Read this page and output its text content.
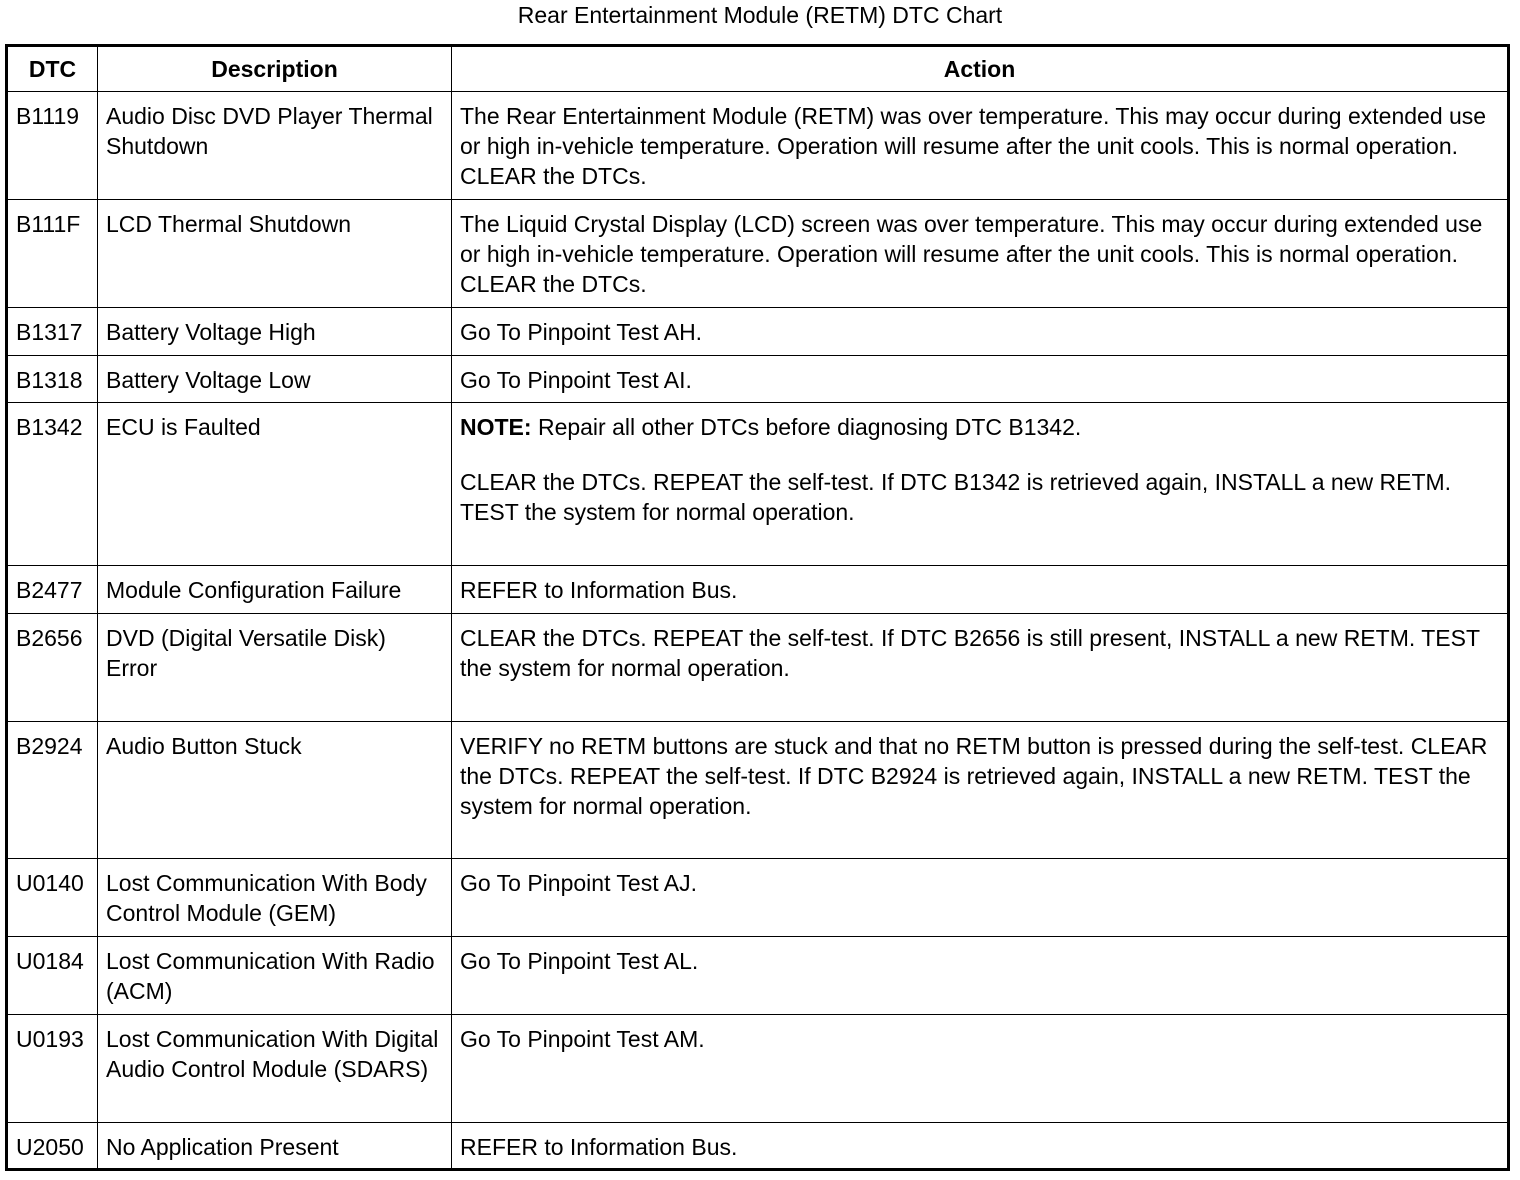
Rear Entertainment Module (RETM) DTC Chart
DTC	Description	Action
B1119	Audio Disc DVD Player Thermal Shutdown	The Rear Entertainment Module (RETM) was over temperature. This may occur during extended use or high in-vehicle temperature. Operation will resume after the unit cools. This is normal operation. CLEAR the DTCs.
B111F	LCD Thermal Shutdown	The Liquid Crystal Display (LCD) screen was over temperature. This may occur during extended use or high in-vehicle temperature. Operation will resume after the unit cools. This is normal operation. CLEAR the DTCs.
B1317	Battery Voltage High	Go To Pinpoint Test AH.
B1318	Battery Voltage Low	Go To Pinpoint Test AI.
B1342	ECU is Faulted	NOTE: Repair all other DTCs before diagnosing DTC B1342.
CLEAR the DTCs. REPEAT the self-test. If DTC B1342 is retrieved again, INSTALL a new RETM. TEST the system for normal operation.

B2477	Module Configuration Failure	REFER to Information Bus.
B2656	DVD (Digital Versatile Disk) Error	CLEAR the DTCs. REPEAT the self-test. If DTC B2656 is still present, INSTALL a new RETM. TEST the system for normal operation.
B2924	Audio Button Stuck	VERIFY no RETM buttons are stuck and that no RETM button is pressed during the self-test. CLEAR the DTCs. REPEAT the self-test. If DTC B2924 is retrieved again, INSTALL a new RETM. TEST the system for normal operation.
U0140	Lost Communication With Body Control Module (GEM)	Go To Pinpoint Test AJ.
U0184	Lost Communication With Radio (ACM)	Go To Pinpoint Test AL.
U0193	Lost Communication With Digital Audio Control Module (SDARS)	Go To Pinpoint Test AM.
U2050	No Application Present	REFER to Information Bus.
